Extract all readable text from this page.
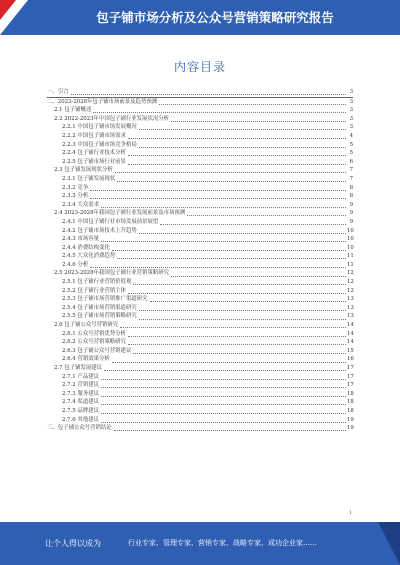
包子铺市场分析及公众号营销策略研究报告
内容目录
一、引言	3
二、2023-2028年包子铺市场前景及趋势预测	3
2.1 包子铺概述	3
2.2 2022-2023年中国包子铺行业发展状况分析	3
2.2.1 中国包子铺市场发展概况	3
2.2.2 中国包子铺市场需求	4
2.2.3 中国包子铺市场竞争格局	5
2.2.4 包子铺行业技术分析	5
2.2.5 包子铺市场行业前景	6
2.3 包子铺发展现状分析	7
2.3.1 包子铺发展现状	7
2.3.2 竞争	8
2.3.3 分析	8
2.3.4 大众需求	9
2.4 2023-2028年我国包子铺行业发展前景及市场预测	9
2.4.1 中国包子铺行业市场发展前景展望	9
2.4.2 包子铺市场技术上升趋势	10
2.4.3 市场容量	10
2.4.4 消费结构变化	10
2.4.5 大众化消费趋势	11
2.4.6 分析	11
2.5 2023-2028年我国包子铺行业营销策略研究	12
2.5.1 包子铺行业营销价值观	12
2.5.2 包子铺行业营销主体	12
2.5.3 包子铺市场营销推广渠道研究	13
2.5.4 包子铺市场营销渠道研究	13
2.5.5 包子铺市场营销策略研究	13
2.6 包子铺公众号营销研究	14
2.6.1 公众号营销优势分析	14
2.6.2 公众号营销策略研究	14
2.6.3 包子铺公众号营销建议	15
2.6.4 营销效果分析	16
2.7 包子铺发展建议	17
2.7.1 产品建议	17
2.7.2 营销建议	17
2.7.3 服务建议	18
2.7.4 渠道建议	18
2.7.5 品牌建议	18
2.7.6 其他建议	19
三、包子铺公众号营销结论	19
1
让个人得以成为	行业专家、管理专家、营销专家、战略专家、成功企业家……
